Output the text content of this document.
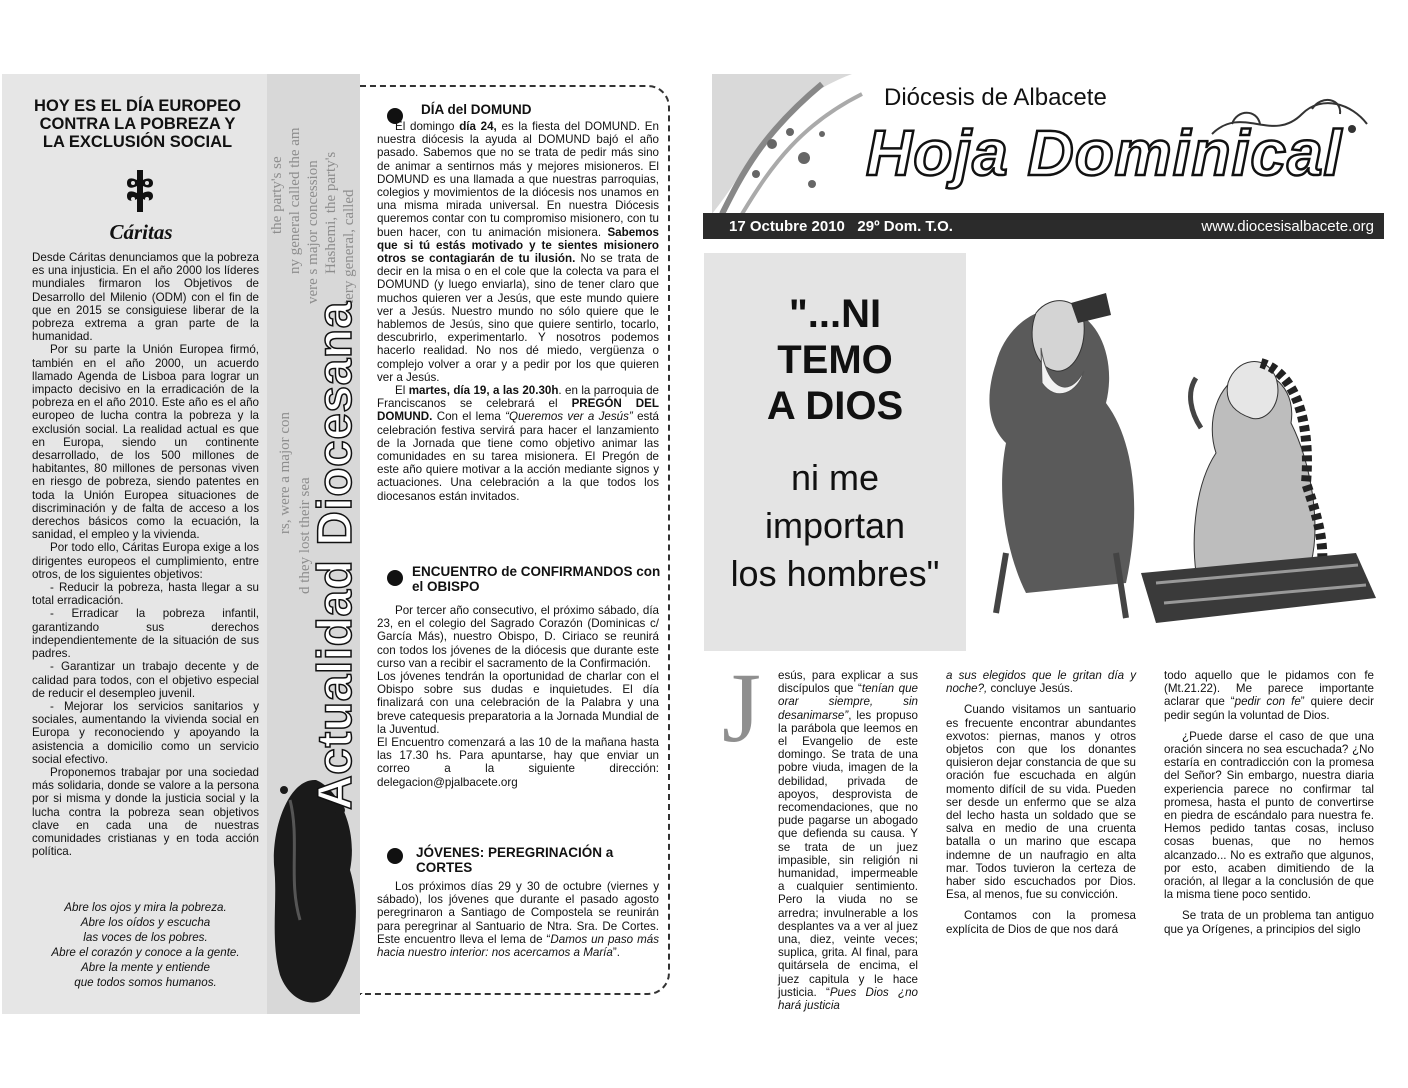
HOY ES EL DÍA EUROPEO CONTRA LA POBREZA Y LA EXCLUSIÓN SOCIAL
Cáritas

Desde Cáritas denunciamos que la pobreza es una injusticia. En el año 2000 los líderes mundiales firmaron los Objetivos de Desarrollo del Milenio (ODM) con el fin de que en 2015 se consiguiese liberar de la pobreza extrema a gran parte de la humanidad.

Por su parte la Unión Europea firmó, también en el año 2000, un acuerdo llamado Agenda de Lisboa para lograr un impacto decisivo en la erradicación de la pobreza en el año 2010. Este año es el año europeo de lucha contra la pobreza y la exclusión social. La realidad actual es que en Europa, siendo un continente desarrollado, de los 500 millones de habitantes, 80 millones de personas viven en riesgo de pobreza, siendo patentes en toda la Unión Europea situaciones de discriminación y de falta de acceso a los derechos básicos como la ecuación, la sanidad, el empleo y la vivienda.

Por todo ello, Cáritas Europa exige a los dirigentes europeos el cumplimiento, entre otros, de los siguientes objetivos:

- Reducir la pobreza, hasta llegar a su total erradicación.

- Erradicar la pobreza infantil, garantizando sus derechos independientemente de la situación de sus padres.

- Garantizar un trabajo decente y de calidad para todos, con el objetivo especial de reducir el desempleo juvenil.

- Mejorar los servicios sanitarios y sociales, aumentando la vivienda social en Europa y reconociendo y apoyando la asistencia a domicilio como un servicio social efectivo.

Proponemos trabajar por una sociedad más solidaria, donde se valore a la persona por si misma y donde la justicia social y la lucha contra la pobreza sean objetivos clave en cada una de nuestras comunidades cristianas y en toda acción política.

Abre los ojos y mira la pobreza.
Abre los oídos y escucha
las voces de los pobres.
Abre el corazón y conoce a la gente.
Abre la mente y entiende
que todos somos humanos.
the party's se ny general called the am vere s major concession Hashemi, the party's tery general, called
rs, were a major con
d they lost their sea
Actualidad Diocesana
DÍA del DOMUND

El domingo día 24, es la fiesta del DOMUND. En nuestra diócesis la ayuda al DOMUND bajó el año pasado. Sabemos que no se trata de pedir más sino de animar a sentirnos más y mejores misioneros. El DOMUND es una llamada a que nuestras parroquias, colegios y movimientos de la diócesis nos unamos en una misma mirada universal. En nuestra Diócesis queremos contar con tu compromiso misionero, con tu buen hacer, con tu animación misionera. Sabemos que si tú estás motivado y te sientes misionero otros se contagiarán de tu ilusión. No se trata de decir en la misa o en el cole que la colecta va para el DOMUND (y luego enviarla), sino de tener claro que muchos quieren ver a Jesús, que este mundo quiere ver a Jesús. Nuestro mundo no sólo quiere que le hablemos de Jesús, sino que quiere sentirlo, tocarlo, descubrirlo, experimentarlo. Y nosotros podemos hacerlo realidad. No nos dé miedo, vergüenza o complejo volver a orar y a pedir por los que quieren ver a Jesús.

El martes, día 19, a las 20.30h. en la parroquia de Franciscanos se celebrará el PREGÓN DEL DOMUND. Con el lema “Queremos ver a Jesús” está celebración festiva servirá para hacer el lanzamiento de la Jornada que tiene como objetivo animar las comunidades en su tarea misionera. El Pregón de este año quiere motivar a la acción mediante signos y actuaciones. Una celebración a la que todos los diocesanos están invitados.

ENCUENTRO de CONFIRMANDOS con el OBISPO

Por tercer año consecutivo, el próximo sábado, día 23, en el colegio del Sagrado Corazón (Dominicas c/ García Más), nuestro Obispo, D. Ciriaco se reunirá con todos los jóvenes de la diócesis que durante este curso van a recibir el sacramento de la Confirmación.

Los jóvenes tendrán la oportunidad de charlar con el Obispo sobre sus dudas e inquietudes. El día finalizará con una celebración de la Palabra y una breve catequesis preparatoria a la Jornada Mundial de la Juventud.

El Encuentro comenzará a las 10 de la mañana hasta las 17.30 hs. Para apuntarse, hay que enviar un correo a la siguiente dirección: delegacion@pjalbacete.org

JÓVENES: PEREGRINACIÓN a CORTES

Los próximos días 29 y 30 de octubre (viernes y sábado), los jóvenes que durante el pasado agosto peregrinaron a Santiago de Compostela se reunirán para peregrinar al Santuario de Ntra. Sra. De Cortes. Este encuentro lleva el lema de “Damos un paso más hacia nuestro interior: nos acercamos a María”.

Diócesis de Albacete
Hoja Dominical
17 Octubre 2010 29º Dom. T.O.	www.diocesisalbacete.org
"...NI
TEMO
A DIOS
ni me
importan
los hombres"
J	esús, para explicar a sus discípulos que “tenían que orar siempre, sin desanimarse”, les propuso la parábola que leemos en el Evangelio de este domingo. Se trata de una pobre viuda, imagen de la debilidad, privada de apoyos, desprovista de recomendaciones, que no pude pagarse un abogado que defienda su causa. Y se trata de un juez impasible, sin religión ni humanidad, impermeable a cualquier sentimiento. Pero la viuda no se arredra; invulnerable a los desplantes va a ver al juez una, diez, veinte veces; suplica, grita. Al final, para quitársela de encima, el juez capitula y le hace justicia. “Pues Dios ¿no hará justicia

a sus elegidos que le gritan día y noche?, concluye Jesús.

Cuando visitamos un santuario es frecuente encontrar abundantes exvotos: piernas, manos y otros objetos con que los donantes quisieron dejar constancia de que su oración fue escuchada en algún momento difícil de su vida. Pueden ser desde un enfermo que se alza del lecho hasta un soldado que se salva en medio de una cruenta batalla o un marino que escapa indemne de un naufragio en alta mar. Todos tuvieron la certeza de haber sido escuchados por Dios. Esa, al menos, fue su convicción.

Contamos con la promesa explícita de Dios de que nos dará

todo aquello que le pidamos con fe (Mt.21.22). Me parece importante aclarar que “pedir con fe” quiere decir pedir según la voluntad de Dios.

¿Puede darse el caso de que una oración sincera no sea escuchada? ¿No estaría en contradicción con la promesa del Señor? Sin embargo, nuestra diaria experiencia parece no confirmar tal promesa, hasta el punto de convertirse en piedra de escándalo para nuestra fe. Hemos pedido tantas cosas, incluso cosas buenas, que no hemos alcanzado... No es extraño que algunos, por esto, acaben dimitiendo de la oración, al llegar a la conclusión de que la misma tiene poco sentido.

Se trata de un problema tan antiguo que ya Orígenes, a principios del siglo
